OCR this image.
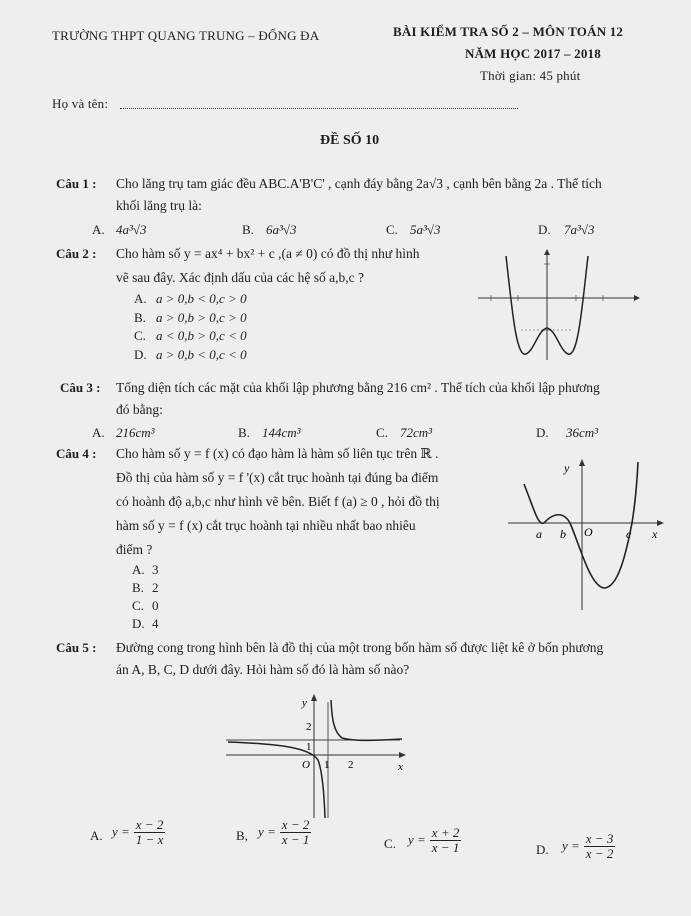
TRƯỜNG THPT QUANG TRUNG – ĐỐNG ĐA	BÀI KIỂM TRA SỐ 2 – MÔN TOÁN 12
NĂM HỌC 2017 – 2018
Thời gian: 45 phút
Họ và tên:
ĐỀ SỐ 10
Câu 1 : Cho lăng trụ tam giác đều ABC.A'B'C' , cạnh đáy bằng 2a√3 , cạnh bên bằng 2a . Thể tích
khối lăng trụ là:
A. 4a³√3	B. 6a³√3	C. 5a³√3	D. 7a³√3
Câu 2 : Cho hàm số y = ax⁴ + bx² + c ,(a ≠ 0) có đồ thị như hình
vẽ sau đây. Xác định dấu của các hệ số a,b,c ?
A. a > 0,b < 0,c > 0
B. a > 0,b > 0,c > 0
C. a < 0,b > 0,c < 0
D. a > 0,b < 0,c < 0
Câu 3 : Tổng diện tích các mặt của khối lập phương bằng 216 cm² . Thể tích của khối lập phương
đó bằng:
A. 216cm³	B. 144cm³	C. 72cm³	D. 36cm³
Câu 4 : Cho hàm số y = f (x) có đạo hàm là hàm số liên tục trên ℝ .
Đồ thị của hàm số y = f '(x) cắt trục hoành tại đúng ba điểm
có hoành độ a,b,c như hình vẽ bên. Biết f (a) ≥ 0 , hỏi đồ thị
hàm số y = f (x) cắt trục hoành tại nhiều nhất bao nhiêu
điểm ?
A. 3
B. 2
C. 0
D. 4
y
a b O	c x
Câu 5 : Đường cong trong hình bên là đồ thị của một trong bốn hàm số được liệt kê ở bốn phương
án A, B, C, D dưới đây. Hỏi hàm số đó là hàm số nào?
y
2
1
O 1 2	x
A. $y = \frac{x - 2}{1 - x}$	B, $y = \frac{x - 2}{x - 1}$	C. $y = \frac{x + 2}{x - 1}$	D. $y = \frac{x - 3}{x - 2}$
